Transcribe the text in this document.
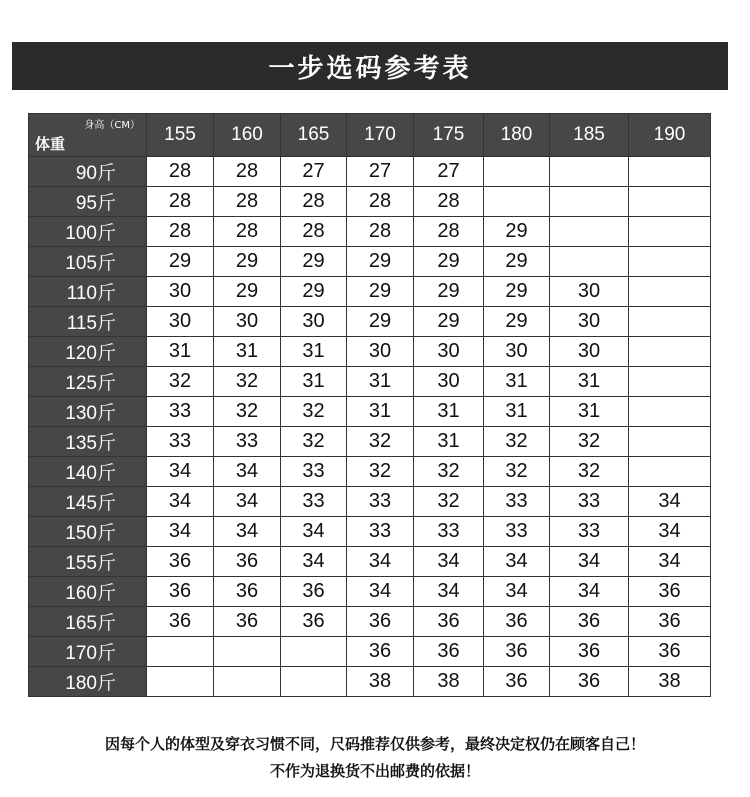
一步选码参考表
身高（CM）
体重	155	160	165	170	175	180	185	190
90斤	28	28	27	27	27			
95斤	28	28	28	28	28			
100斤	28	28	28	28	28	29		
105斤	29	29	29	29	29	29		
110斤	30	29	29	29	29	29	30	
115斤	30	30	30	29	29	29	30	
120斤	31	31	31	30	30	30	30	
125斤	32	32	31	31	30	31	31	
130斤	33	32	32	31	31	31	31	
135斤	33	33	32	32	31	32	32	
140斤	34	34	33	32	32	32	32	
145斤	34	34	33	33	32	33	33	34
150斤	34	34	34	33	33	33	33	34
155斤	36	36	34	34	34	34	34	34
160斤	36	36	36	34	34	34	34	36
165斤	36	36	36	36	36	36	36	36
170斤				36	36	36	36	36
180斤				38	38	36	36	38
因每个人的体型及穿衣习惯不同，尺码推荐仅供参考，最终决定权仍在顾客自己！
不作为退换货不出邮费的依据！
